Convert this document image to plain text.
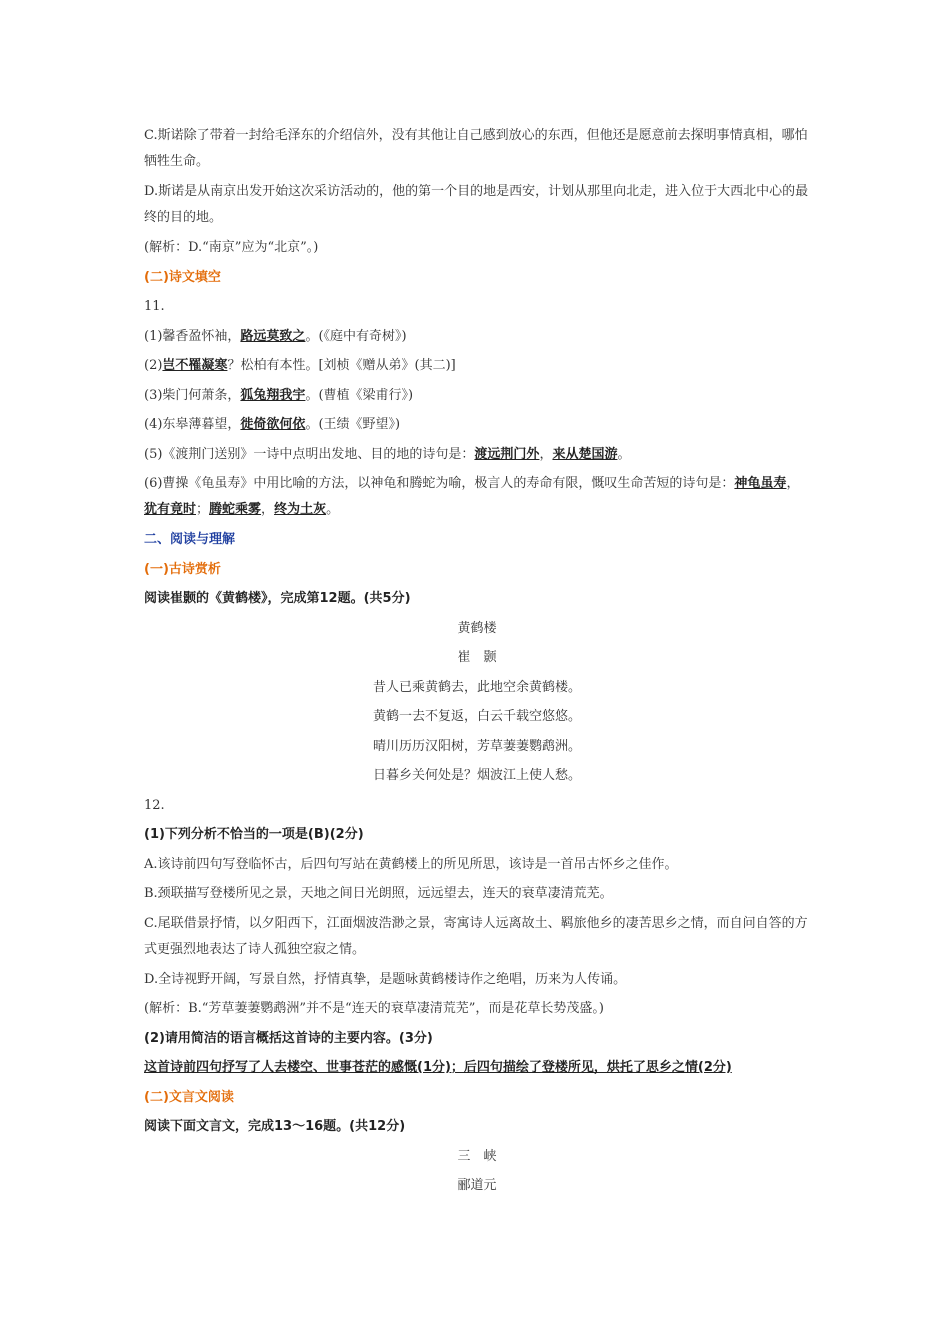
C.斯诺除了带着一封给毛泽东的介绍信外，没有其他让自己感到放心的东西，但他还是愿意前去探明事情真相，哪怕牺牲生命。

D.斯诺是从南京出发开始这次采访活动的，他的第一个目的地是西安，计划从那里向北走，进入位于大西北中心的最终的目的地。

(解析：D.“南京”应为“北京”。)

(二)诗文填空

11.

(1)馨香盈怀袖，路远莫致之。(《庭中有奇树》)

(2)岂不罹凝寒？松柏有本性。[刘桢《赠从弟》(其二)]

(3)柴门何萧条，狐兔翔我宇。(曹植《梁甫行》)

(4)东皋薄暮望，徙倚欲何依。(王绩《野望》)

(5)《渡荆门送别》一诗中点明出发地、目的地的诗句是：渡远荆门外，来从楚国游。

(6)曹操《龟虽寿》中用比喻的方法，以神龟和腾蛇为喻，极言人的寿命有限，慨叹生命苦短的诗句是：神龟虽寿，犹有竟时；腾蛇乘雾，终为土灰。

二、阅读与理解

(一)古诗赏析

阅读崔颢的《黄鹤楼》，完成第12题。(共5分)

黄鹤楼

崔　颢

昔人已乘黄鹤去，此地空余黄鹤楼。

黄鹤一去不复返，白云千载空悠悠。

晴川历历汉阳树，芳草萋萋鹦鹉洲。

日暮乡关何处是？烟波江上使人愁。

12.

(1)下列分析不恰当的一项是(B)(2分)

A.该诗前四句写登临怀古，后四句写站在黄鹤楼上的所见所思，该诗是一首吊古怀乡之佳作。

B.颈联描写登楼所见之景，天地之间日光朗照，远远望去，连天的衰草凄清荒芜。

C.尾联借景抒情，以夕阳西下，江面烟波浩渺之景，寄寓诗人远离故土、羁旅他乡的凄苦思乡之情，而自问自答的方式更强烈地表达了诗人孤独空寂之情。

D.全诗视野开阔，写景自然，抒情真挚，是题咏黄鹤楼诗作之绝唱，历来为人传诵。

(解析：B.“芳草萋萋鹦鹉洲”并不是“连天的衰草凄清荒芜”，而是花草长势茂盛。)

(2)请用简洁的语言概括这首诗的主要内容。(3分)

这首诗前四句抒写了人去楼空、世事苍茫的感慨(1分)；后四句描绘了登楼所见，烘托了思乡之情(2分)

(二)文言文阅读

阅读下面文言文，完成13～16题。(共12分)

三　峡

郦道元
